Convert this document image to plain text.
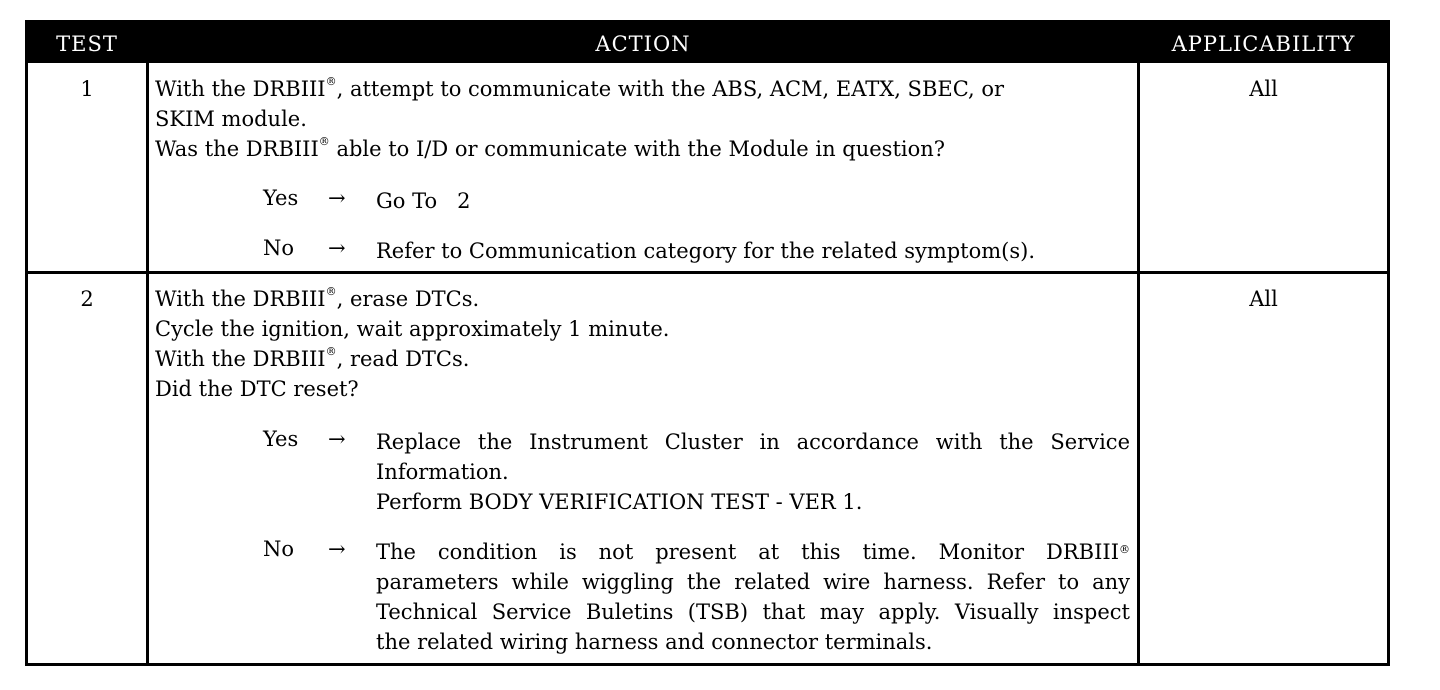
TEST	ACTION	APPLICABILITY
1	With the DRBIII®, attempt to communicate with the ABS, ACM, EATX, SBEC, or
SKIM module.
Was the DRBIII® able to I/D or communicate with the Module in question?
Yes → Go To   2
No → Refer to Communication category for the related symptom(s).
All
2	With the DRBIII®, erase DTCs.
Cycle the ignition, wait approximately 1 minute.
With the DRBIII®, read DTCs.
Did the DTC reset?
Yes → Replace the Instrument Cluster in accordance with the Service
Information.
Perform BODY VERIFICATION TEST - VER 1.
No → The condition is not present at this time. Monitor DRBIII®
parameters while wiggling the related wire harness. Refer to any
Technical Service Buletins (TSB) that may apply. Visually inspect
the related wiring harness and connector terminals.
All
